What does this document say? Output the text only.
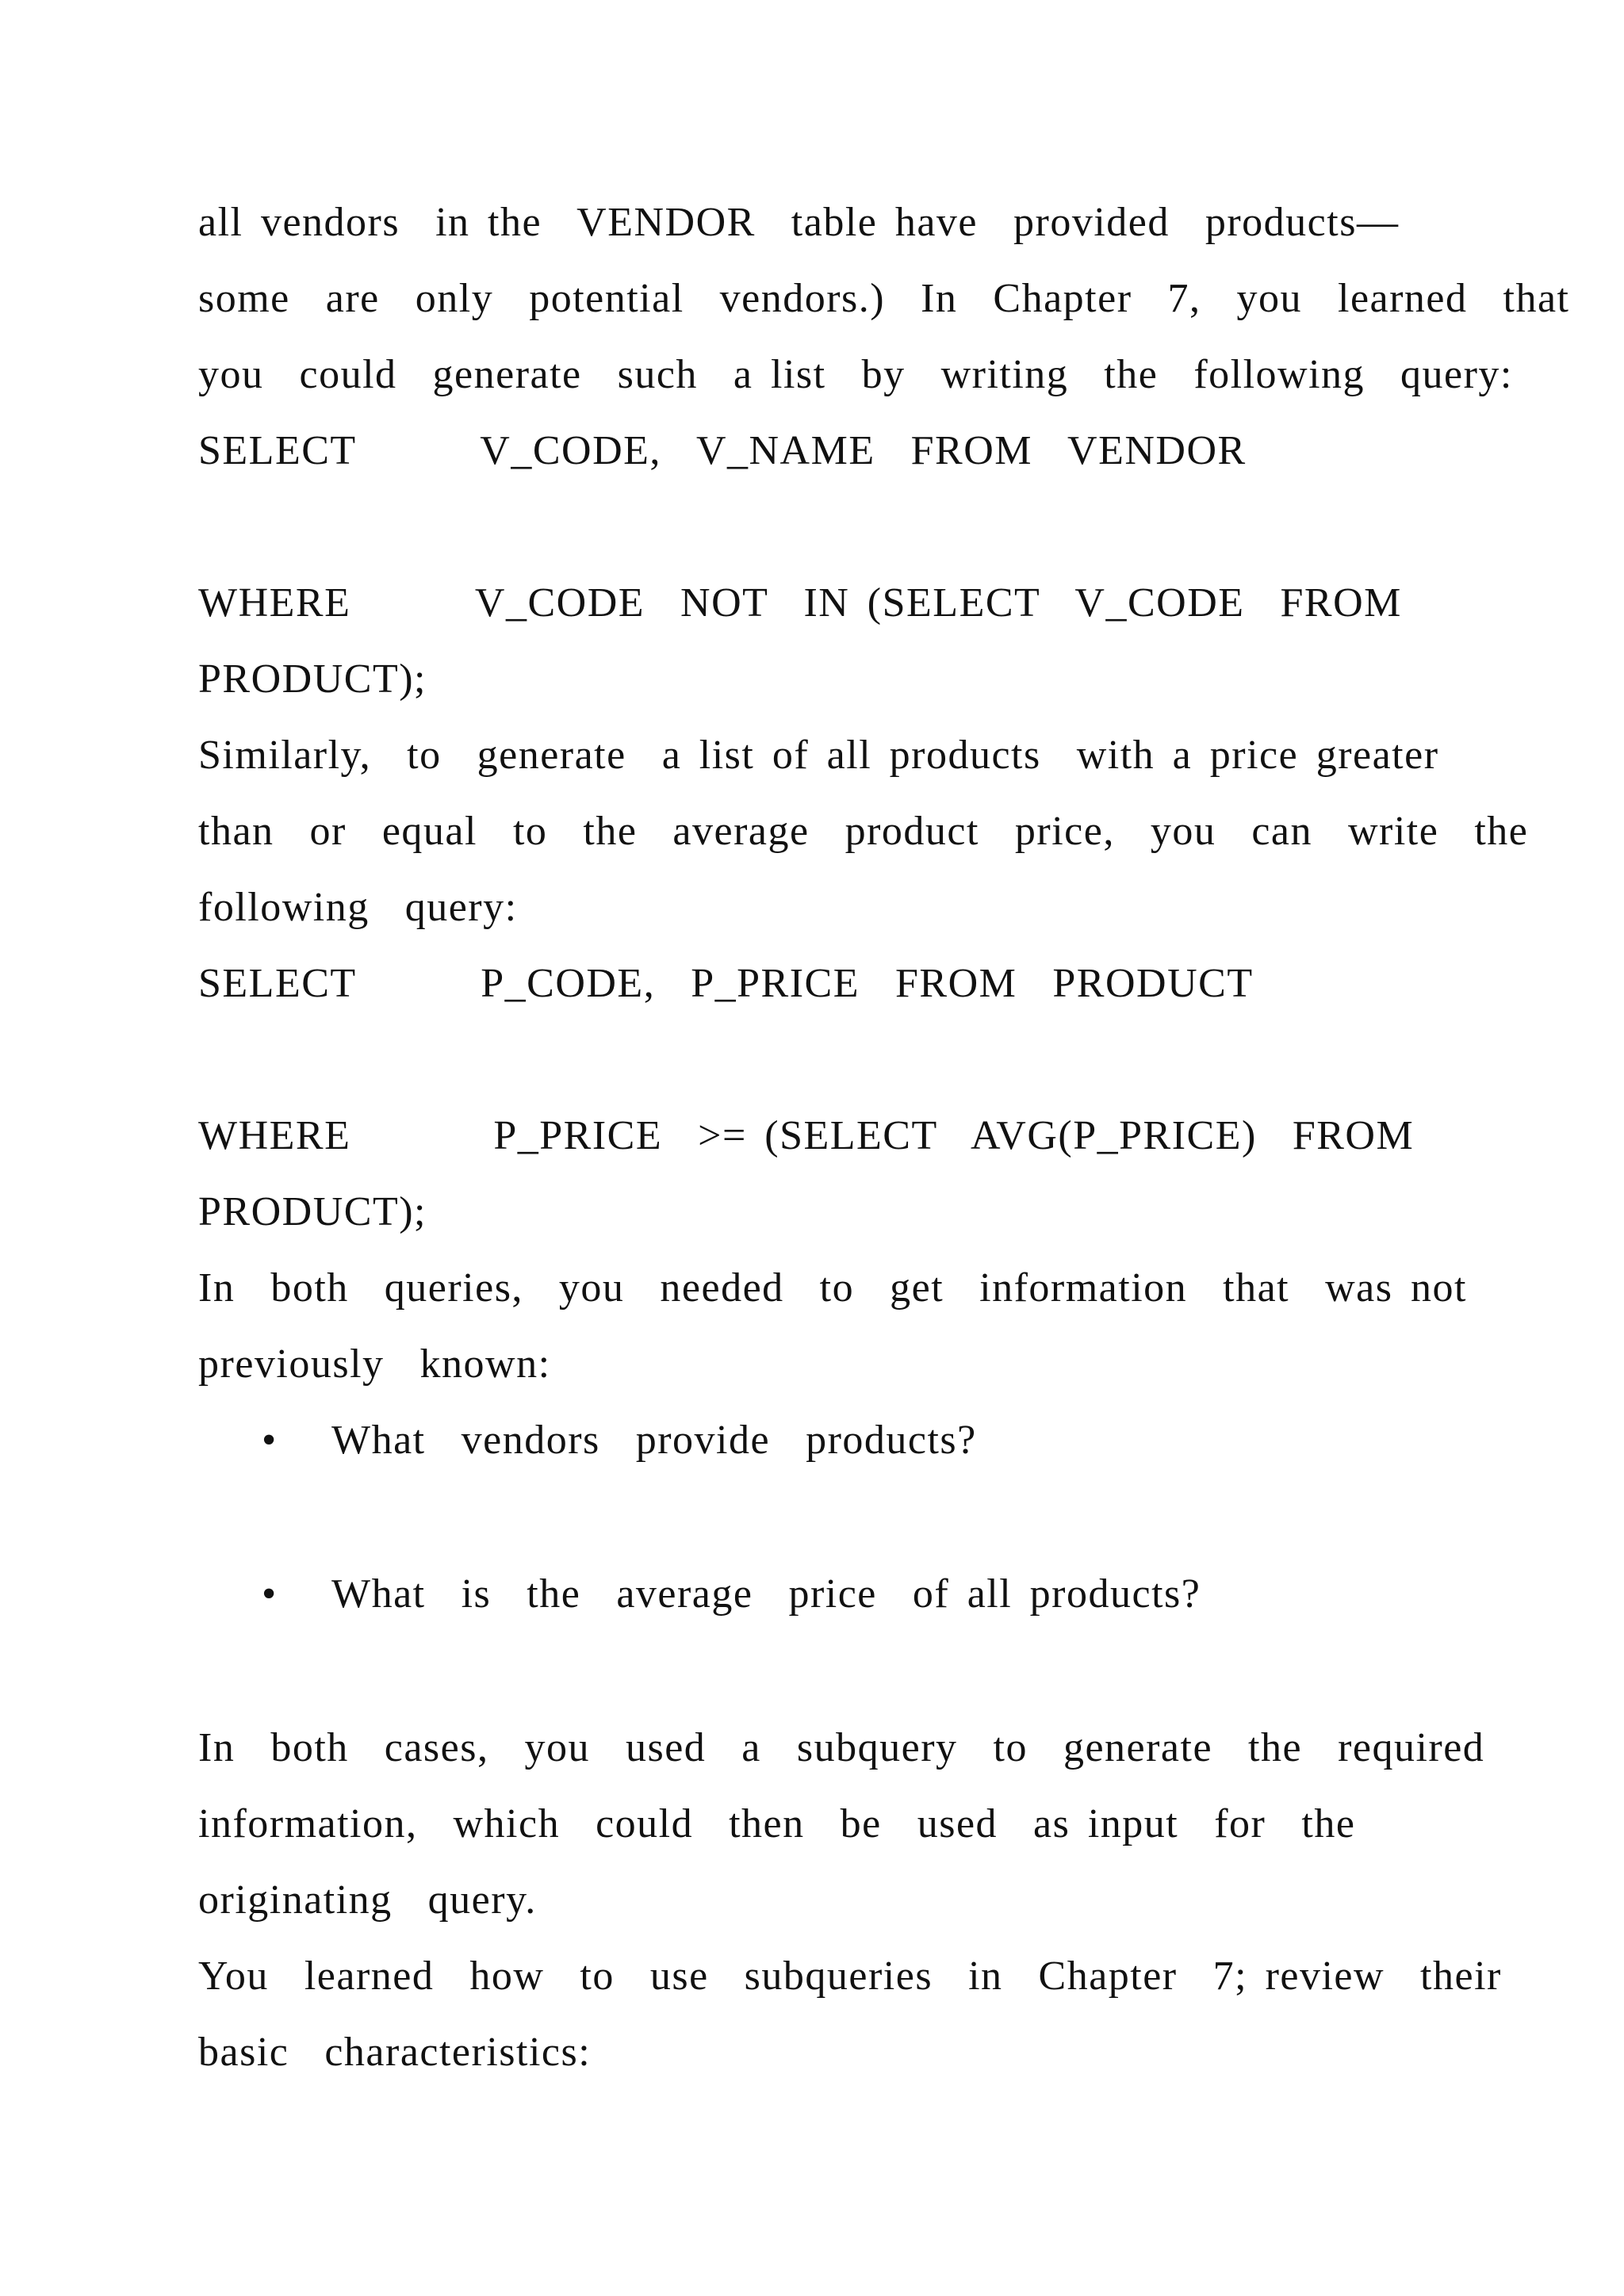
all vendors  in the  VENDOR  table have  provided  products—
some  are  only  potential  vendors.)  In  Chapter  7,  you  learned  that
you  could  generate  such  a list  by  writing  the  following  query:
SELECT       V_CODE,  V_NAME  FROM  VENDOR
WHERE       V_CODE  NOT  IN (SELECT  V_CODE  FROM
PRODUCT);
Similarly,  to  generate  a list of all products  with a price greater
than  or  equal  to  the  average  product  price,  you  can  write  the
following  query:
SELECT       P_CODE,  P_PRICE  FROM  PRODUCT
WHERE        P_PRICE  >= (SELECT  AVG(P_PRICE)  FROM
PRODUCT);
In  both  queries,  you  needed  to  get  information  that  was not
previously  known:
• What  vendors  provide  products?
• What  is  the  average  price  of all products?
In  both  cases,  you  used  a  subquery  to  generate  the  required
information,  which  could  then  be  used  as input  for  the
originating  query.
You  learned  how  to  use  subqueries  in  Chapter  7; review  their
basic  characteristics:
